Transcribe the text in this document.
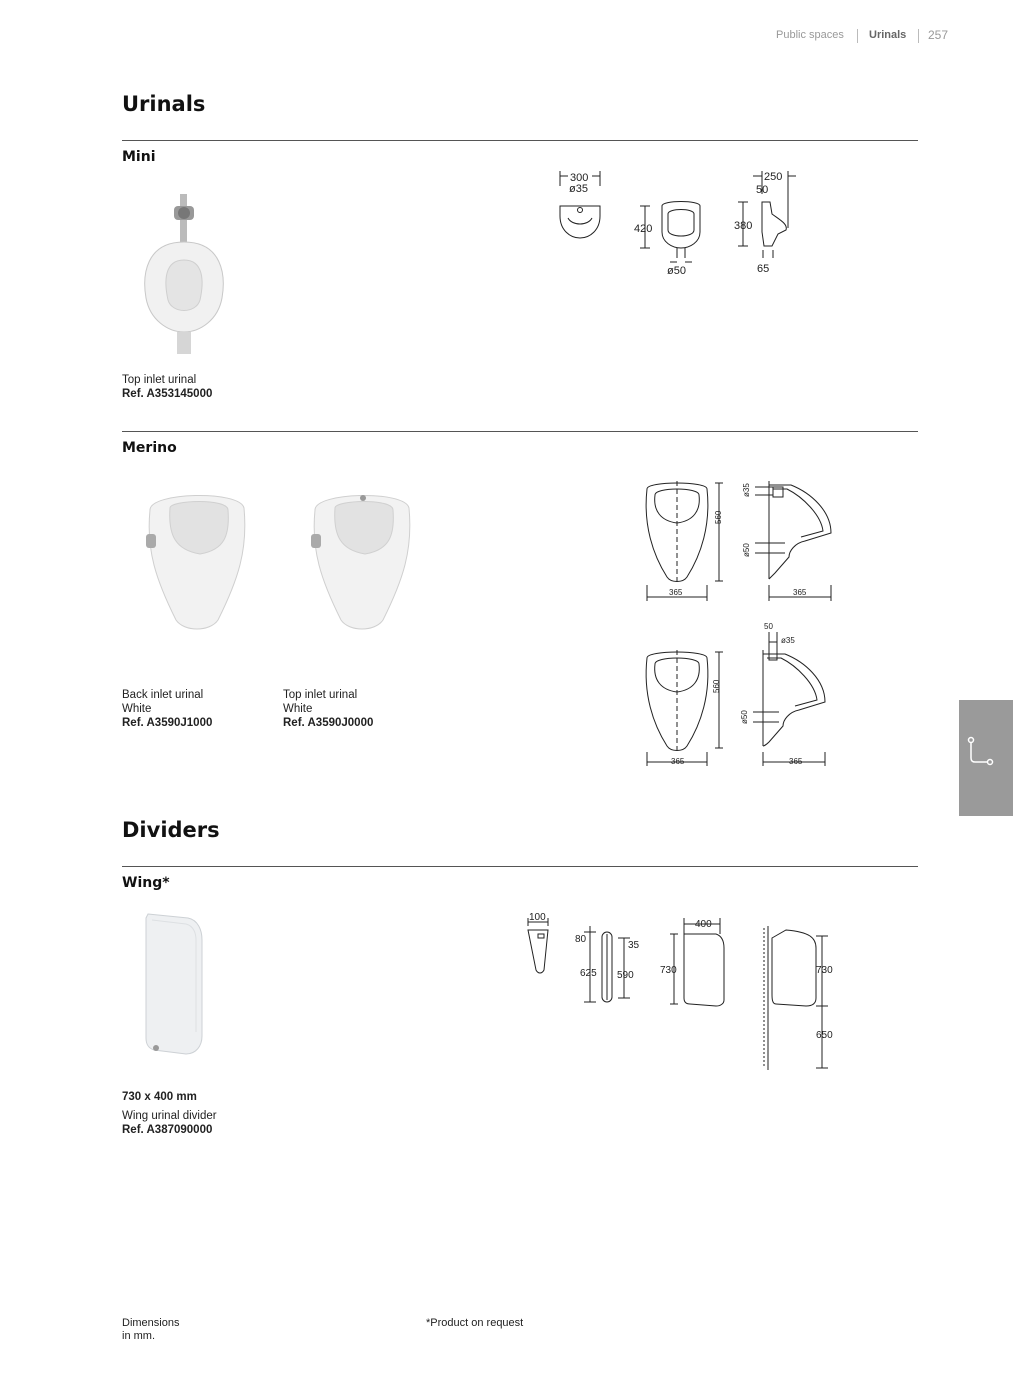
Public spaces Urinals 257
Urinals
Mini
Top inlet urinal
Ref. A353145000
300
ø35
420
ø50
250
50
380
65
Merino
Back inlet urinal
White
Ref. A3590J1000
Top inlet urinal
White
Ref. A3590J0000
560
365
ø35
ø50
365
560
365
50
ø35
ø50
365
Dividers
Wing*
730 x 400 mm
Wing urinal divider
Ref. A387090000
100
80
35
625 590	730
400
730
650
Dimensions
in mm.
*Product on request
